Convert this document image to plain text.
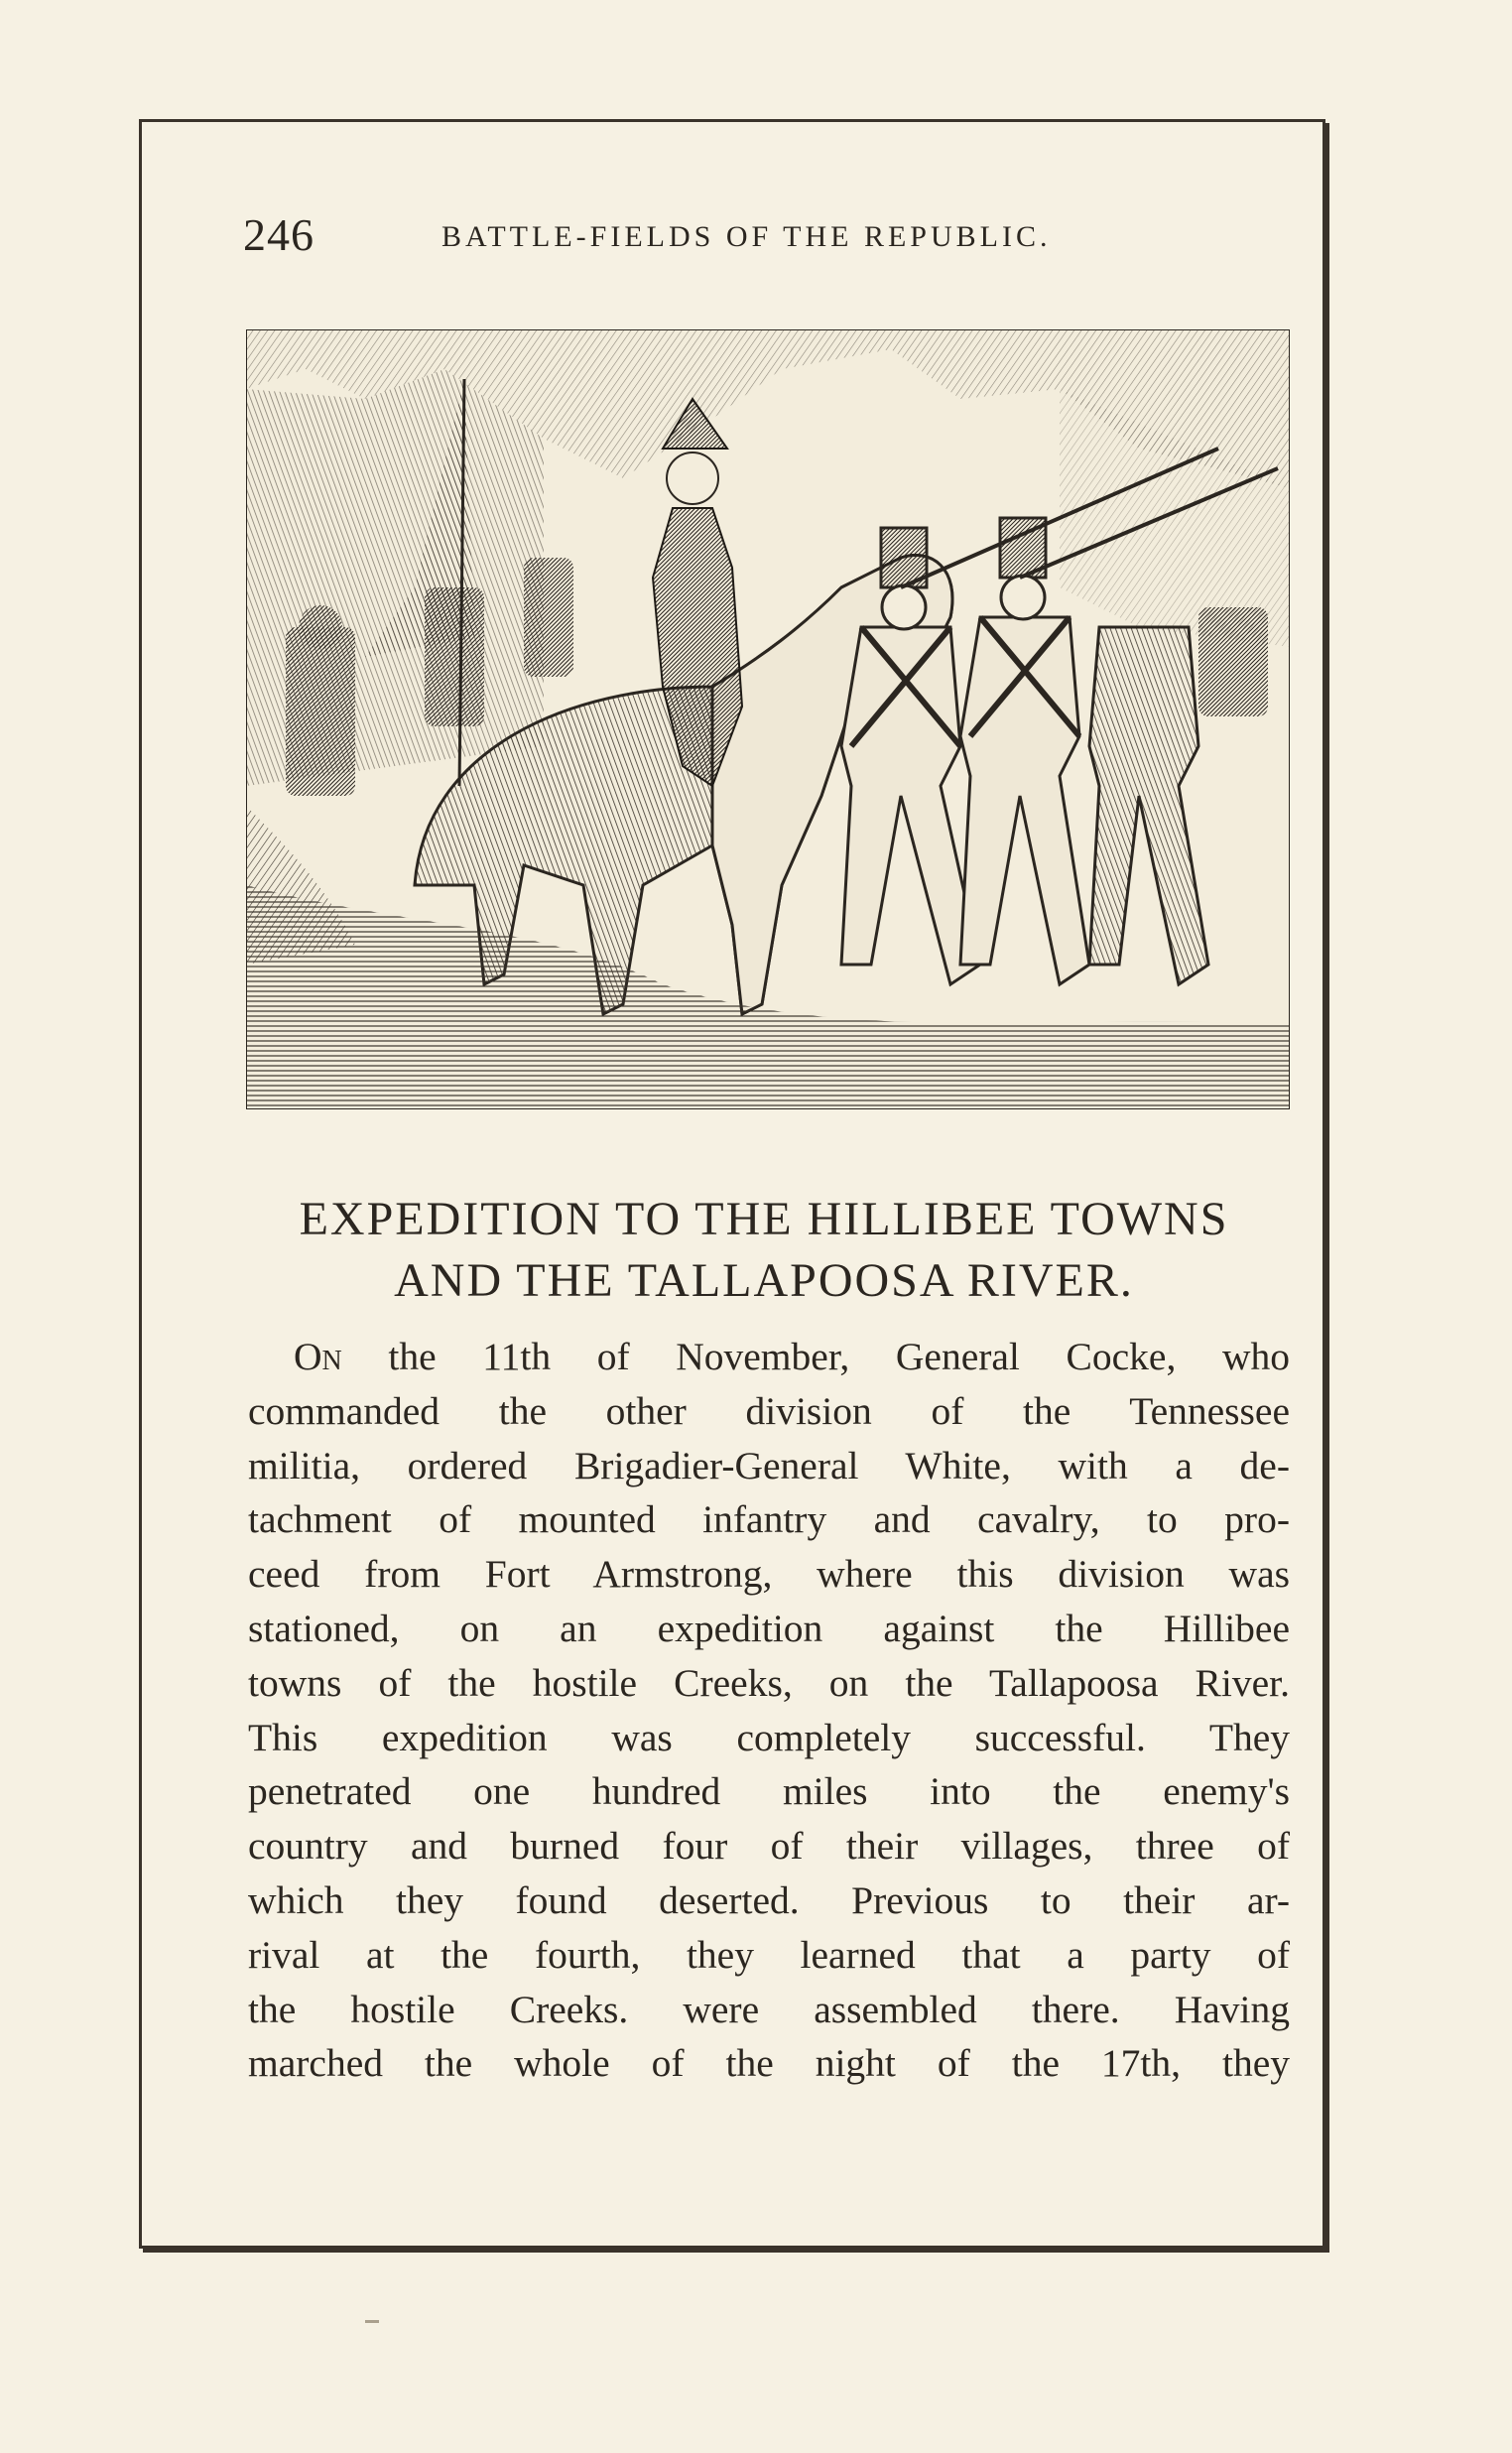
246	BATTLE-FIELDS OF THE REPUBLIC.
EXPEDITION TO THE HILLIBEE TOWNS
AND THE TALLAPOOSA RIVER.
On the 11th of November, General Cocke, who
commanded the other division of the Tennessee
militia, ordered Brigadier-General White, with a de-
tachment of mounted infantry and cavalry, to pro-
ceed from Fort Armstrong, where this division was
stationed, on an expedition against the Hillibee
towns of the hostile Creeks, on the Tallapoosa River.
This expedition was completely successful. They
penetrated one hundred miles into the enemy's
country and burned four of their villages, three of
which they found deserted. Previous to their ar-
rival at the fourth, they learned that a party of
the hostile Creeks. were assembled there. Having
marched the whole of the night of the 17th, they
